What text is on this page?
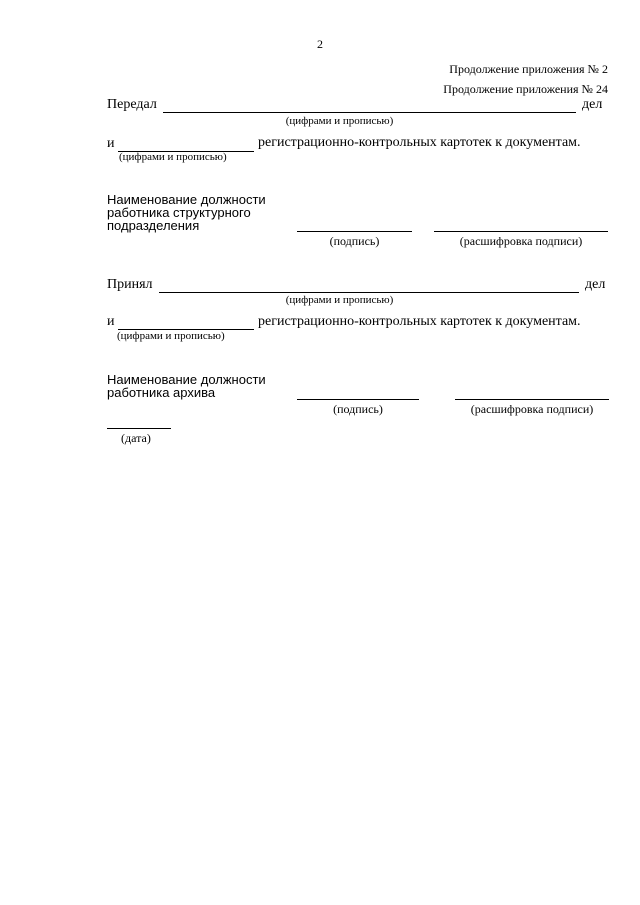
2
Продолжение приложения № 2
Продолжение приложения № 24
Передал	дел
(цифрами и прописью)
и	регистрационно-контрольных картотек к документам.
(цифрами и прописью)
Наименование должности
работника структурного
подразделения
(подпись)	(расшифровка подписи)
Принял	дел
(цифрами и прописью)
и	регистрационно-контрольных картотек к документам.
(цифрами и прописью)
Наименование должности
работника архива
(подпись)	(расшифровка подписи)
(дата)
